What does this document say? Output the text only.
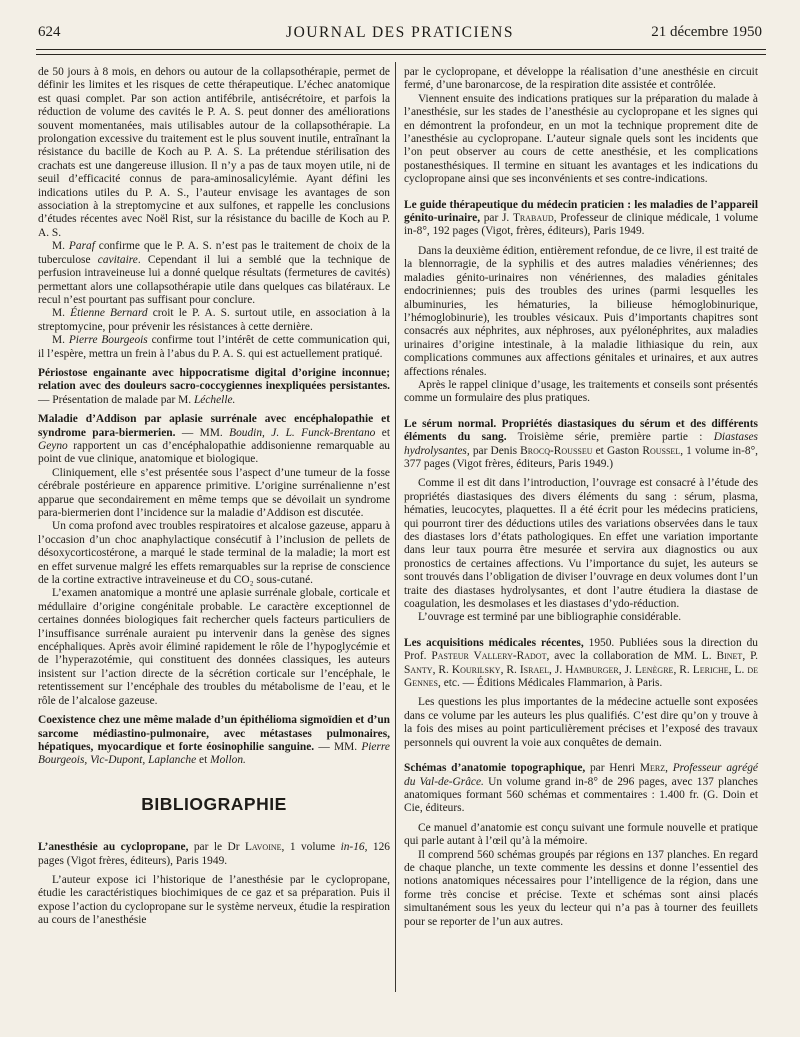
624	JOURNAL DES PRATICIENS	21 décembre 1950

de 50 jours à 8 mois, en dehors ou autour de la collapsothérapie, permet de définir les limites et les risques de cette thérapeutique. L’échec anatomique est quasi complet. Par son action antifébrile, antisécrétoire, et parfois la réduction de volume des cavités le P. A. S. peut donner des améliorations souvent momentanées, mais utilisables autour de la collapsothérapie. La prolongation excessive du traitement est le plus souvent inutile, entraînant la résistance du bacille de Koch au P. A. S. La prétendue stérilisation des crachats est une dangereuse illusion. Il n’y a pas de taux moyen utile, ni de seuil d’efficacité connus de para-aminosalicylémie. Ayant défini les indications utiles du P. A. S., l’auteur envisage les avantages de son association à la streptomycine et aux sulfones, et rappelle les conclusions d’études récentes avec Noël Rist, sur la résistance du bacille de Koch au P. A. S.

M. Paraf confirme que le P. A. S. n’est pas le traitement de choix de la tuberculose cavitaire. Cependant il lui a semblé que la technique de perfusion intraveineuse lui a donné quelque résultats (fermetures de cavités) permettant alors une collapsothérapie utile dans quelques cas bilatéraux. Le recul n’est pourtant pas suffisant pour conclure.

M. Étienne Bernard croit le P. A. S. surtout utile, en association à la streptomycine, pour prévenir les résistances à cette dernière.

M. Pierre Bourgeois confirme tout l’intérêt de cette communication qui, il l’espère, mettra un frein à l’abus du P. A. S. qui est actuellement pratiqué.

Périostose engainante avec hippocratisme digital d’origine inconnue; relation avec des douleurs sacro-coccygiennes inexpliquées persistantes. — Présentation de malade par M. Léchelle.

Maladie d’Addison par aplasie surrénale avec encéphalopathie et syndrome para-biermerien. — MM. Boudin, J. L. Funck-Brentano et Geyno rapportent un cas d’encéphalopathie addisonienne remarquable au point de vue clinique, anatomique et biologique.

Cliniquement, elle s’est présentée sous l’aspect d’une tumeur de la fosse cérébrale postérieure en apparence primitive. L’origine surrénalienne n’est apparue que secondairement en même temps que se dévoilait un syndrome para-biermerien dont l’incidence sur la maladie d’Addison est discutée.

Un coma profond avec troubles respiratoires et alcalose gazeuse, apparu à l’occasion d’un choc anaphylactique consécutif à l’inclusion de pellets de désoxycorticostérone, a marqué le stade terminal de la maladie; la mort est en effet survenue malgré les effets remarquables sur la reprise de conscience de la cortine extractive intraveineuse et du CO₂ sous-cutané.

L’examen anatomique a montré une aplasie surrénale globale, corticale et médullaire d’origine congénitale probable. Le caractère exceptionnel de certaines données biologiques fait rechercher quels facteurs particuliers de l’insuffisance surrénale auraient pu intervenir dans la genèse des signes encéphaliques. Après avoir éliminé rapidement le rôle de l’hypoglycémie et de l’hyperazotémie, qui constituent des données classiques, les auteurs insistent sur l’action directe de la sécrétion corticale sur l’encéphale, le retentissement sur l’encéphale des troubles du métabolisme de l’eau, et le rôle de l’alcalose gazeuse.

Coexistence chez une même malade d’un épithélioma sigmoïdien et d’un sarcome médiastino-pulmonaire, avec métastases pulmonaires, hépatiques, myocardique et forte éosinophilie sanguine. — MM. Pierre Bourgeois, Vic-Dupont, Laplanche et Mollon.

BIBLIOGRAPHIE

L’anesthésie au cyclopropane, par le Dr Lavoine, 1 volume in-16, 126 pages (Vigot frères, éditeurs), Paris 1949.

L’auteur expose ici l’historique de l’anesthésie par le cyclopropane, étudie les caractéristiques biochimiques de ce gaz et sa préparation. Puis il expose l’action du cyclopropane sur le système nerveux, étudie la respiration au cours de l’anesthésie

par le cyclopropane, et développe la réalisation d’une anesthésie en circuit fermé, d’une baronarcose, de la respiration dite assistée et contrôlée.

Viennent ensuite des indications pratiques sur la préparation du malade à l’anesthésie, sur les stades de l’anesthésie au cyclopropane et les signes qui en démontrent la profondeur, en un mot la technique proprement dite de l’anesthésie au cyclopropane. L’auteur signale quels sont les incidents que l’on peut observer au cours de cette anesthésie, et les complications postanesthésiques. Il termine en situant les avantages et les indications du cyclopropane ainsi que ses inconvénients et ses contre-indications.

Le guide thérapeutique du médecin praticien : les maladies de l’appareil génito-urinaire, par J. Trabaud, Professeur de clinique médicale, 1 volume in-8°, 192 pages (Vigot, frères, éditeurs), Paris 1949.

Dans la deuxième édition, entièrement refondue, de ce livre, il est traité de la blennorragie, de la syphilis et des autres maladies vénériennes; des maladies génito-urinaires non vénériennes, des maladies génitales endocriniennes; puis des troubles des urines (parmi lesquelles les albuminuries, les hématuries, la bilieuse hémoglobinurique, l’hémoglobinurie), les troubles vésicaux. Puis d’importants chapitres sont consacrés aux néphrites, aux néphroses, aux pyélonéphrites, aux maladies urinaires d’origine intestinale, à la maladie lithiasique du rein, aux complications communes aux affections génitales et urinaires, et aux autres affections rénales.

Après le rappel clinique d’usage, les traitements et conseils sont présentés comme un formulaire des plus pratiques.

Le sérum normal. Propriétés diastasiques du sérum et des différents éléments du sang. Troisième série, première partie : Diastases hydrolysantes, par Denis Brocq-Rousseu et Gaston Roussel, 1 volume in-8°, 377 pages (Vigot frères, éditeurs, Paris 1949.)

Comme il est dit dans l’introduction, l’ouvrage est consacré à l’étude des propriétés diastasiques des divers éléments du sang : sérum, plasma, hématies, leucocytes, plaquettes. Il a été écrit pour les médecins praticiens, qui pourront tirer des déductions utiles des variations observées dans le taux des diastases lors d’états pathologiques. En effet une variation importante dans leur taux pourra être mesurée et servira aux diagnostics ou aux pronostics de certaines affections. Vu l’importance du sujet, les auteurs se sont trouvés dans l’obligation de diviser l’ouvrage en deux volumes dont l’un traite des diastases hydrolysantes, et dont l’autre étudiera la diastase de coagulation, les desmolases et les diastases d’ydo-réduction.

L’ouvrage est terminé par une bibliographie considérable.

Les acquisitions médicales récentes, 1950. Publiées sous la direction du Prof. Pasteur Vallery-Radot, avec la collaboration de MM. L. Binet, P. Santy, R. Kourilsky, R. Israel, J. Hamburger, J. Lenègre, R. Leriche, L. de Gennes, etc. — Éditions Médicales Flammarion, à Paris.

Les questions les plus importantes de la médecine actuelle sont exposées dans ce volume par les auteurs les plus qualifiés. C’est dire qu’on y trouve à la fois des mises au point particulièrement précises et l’exposé des travaux personnels qui ouvrent la voie aux conquêtes de demain.

Schémas d’anatomie topographique, par Henri Merz, Professeur agrégé du Val-de-Grâce. Un volume grand in-8° de 296 pages, avec 137 planches anatomiques formant 560 schémas et commentaires : 1.400 fr. (G. Doin et Cie, éditeurs.

Ce manuel d’anatomie est conçu suivant une formule nouvelle et pratique qui parle autant à l’œil qu’à la mémoire.

Il comprend 560 schémas groupés par régions en 137 planches. En regard de chaque planche, un texte commente les dessins et donne l’essentiel des notions anatomiques nécessaires pour l’intelligence de la région, dans une forme très concise et précise. Texte et schémas sont ainsi placés simultanément sous les yeux du lecteur qui n’a pas à tourner des feuillets pour se reporter de l’un aux autres.
